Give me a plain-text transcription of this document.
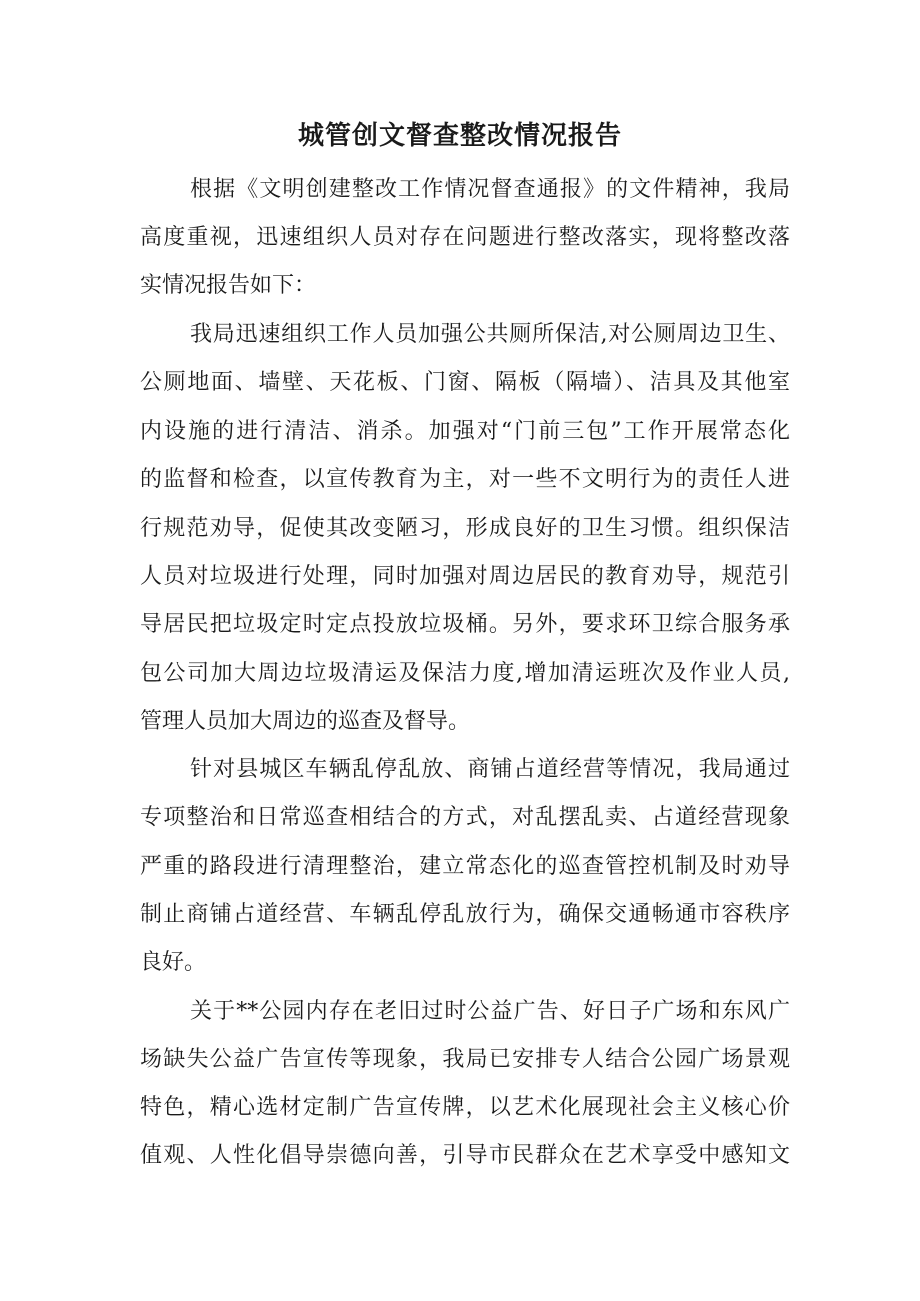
城管创文督查整改情况报告
根据《文明创建整改工作情况督查通报》的文件精神，我局
高度重视，迅速组织人员对存在问题进行整改落实，现将整改落
实情况报告如下：
我局迅速组织工作人员加强公共厕所保洁,对公厕周边卫生、
公厕地面、墙壁、天花板、门窗、隔板（隔墙）、洁具及其他室
内设施的进行清洁、消杀。加强对“门前三包”工作开展常态化
的监督和检查，以宣传教育为主，对一些不文明行为的责任人进
行规范劝导，促使其改变陋习，形成良好的卫生习惯。组织保洁
人员对垃圾进行处理，同时加强对周边居民的教育劝导，规范引
导居民把垃圾定时定点投放垃圾桶。另外，要求环卫综合服务承
包公司加大周边垃圾清运及保洁力度,增加清运班次及作业人员,
管理人员加大周边的巡查及督导。
针对县城区车辆乱停乱放、商铺占道经营等情况，我局通过
专项整治和日常巡查相结合的方式，对乱摆乱卖、占道经营现象
严重的路段进行清理整治，建立常态化的巡查管控机制及时劝导
制止商铺占道经营、车辆乱停乱放行为，确保交通畅通市容秩序
良好。
关于**公园内存在老旧过时公益广告、好日子广场和东风广
场缺失公益广告宣传等现象，我局已安排专人结合公园广场景观
特色，精心选材定制广告宣传牌，以艺术化展现社会主义核心价
值观、人性化倡导崇德向善，引导市民群众在艺术享受中感知文
